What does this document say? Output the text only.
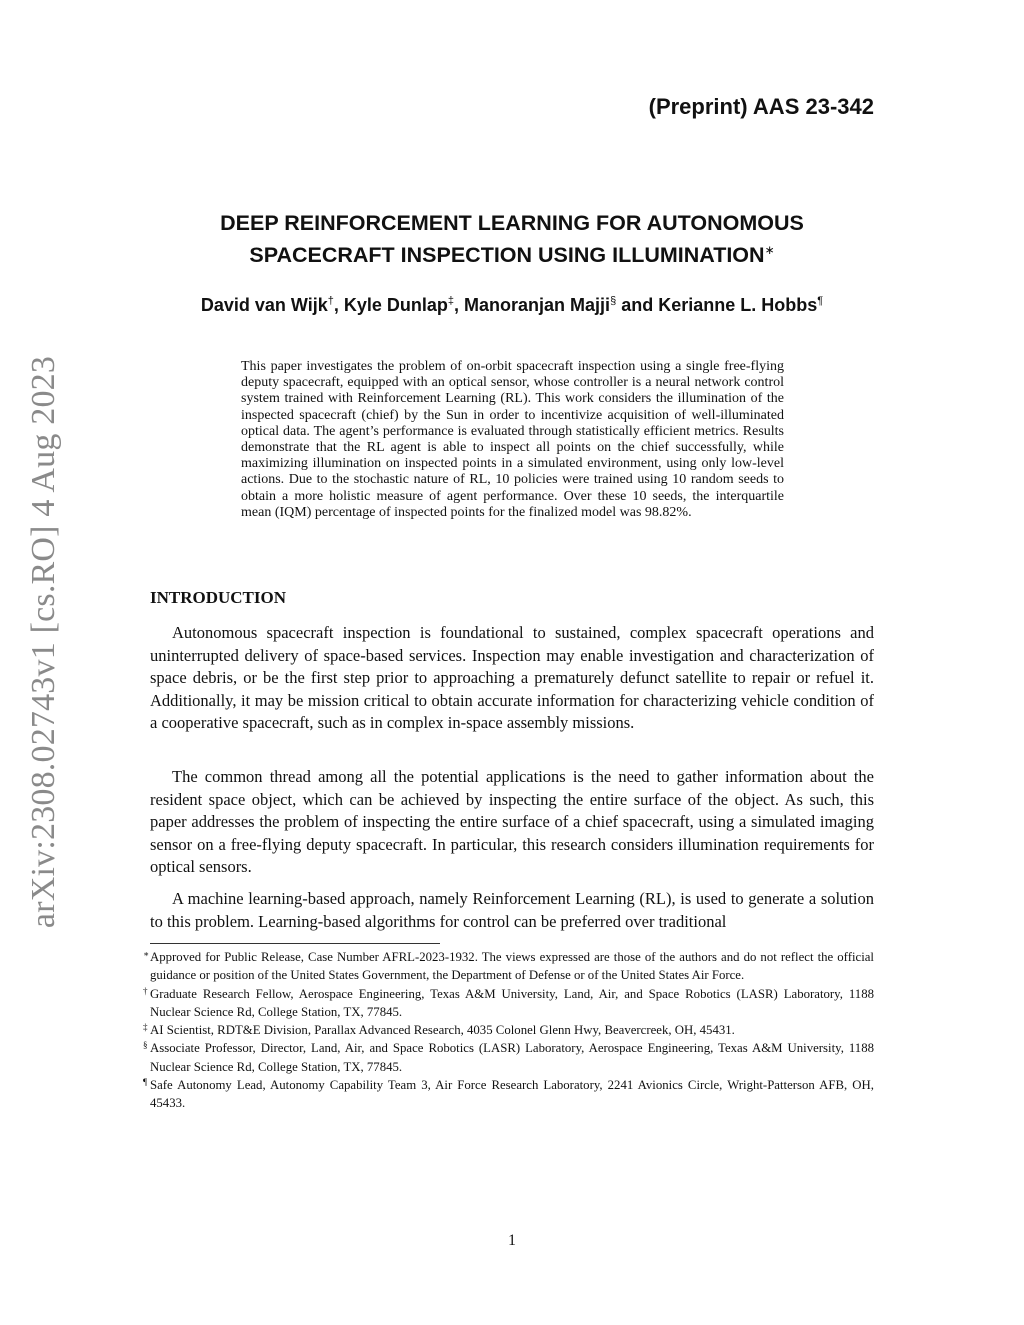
arXiv:2308.02743v1 [cs.RO] 4 Aug 2023
(Preprint) AAS 23-342
DEEP REINFORCEMENT LEARNING FOR AUTONOMOUS
SPACECRAFT INSPECTION USING ILLUMINATION∗
David van Wijk†, Kyle Dunlap‡, Manoranjan Majji§ and Kerianne L. Hobbs¶
This paper investigates the problem of on-orbit spacecraft inspection using a single free-flying deputy spacecraft, equipped with an optical sensor, whose controller is a neural network control system trained with Reinforcement Learning (RL). This work considers the illumination of the inspected spacecraft (chief) by the Sun in order to incentivize acquisition of well-illuminated optical data. The agent’s performance is evaluated through statistically efficient metrics. Results demonstrate that the RL agent is able to inspect all points on the chief successfully, while maximizing illumination on inspected points in a simulated environment, using only low-level actions. Due to the stochastic nature of RL, 10 policies were trained using 10 random seeds to obtain a more holistic measure of agent performance. Over these 10 seeds, the interquartile mean (IQM) percentage of inspected points for the finalized model was 98.82%.
INTRODUCTION

Autonomous spacecraft inspection is foundational to sustained, complex spacecraft operations and uninterrupted delivery of space-based services. Inspection may enable investigation and characterization of space debris, or be the first step prior to approaching a prematurely defunct satellite to repair or refuel it. Additionally, it may be mission critical to obtain accurate information for characterizing vehicle condition of a cooperative spacecraft, such as in complex in-space assembly missions.

The common thread among all the potential applications is the need to gather information about the resident space object, which can be achieved by inspecting the entire surface of the object. As such, this paper addresses the problem of inspecting the entire surface of a chief spacecraft, using a simulated imaging sensor on a free-flying deputy spacecraft. In particular, this research considers illumination requirements for optical sensors.

A machine learning-based approach, namely Reinforcement Learning (RL), is used to generate a solution to this problem. Learning-based algorithms for control can be preferred over traditional

∗ Approved for Public Release, Case Number AFRL-2023-1932. The views expressed are those of the authors and do not reflect the official guidance or position of the United States Government, the Department of Defense or of the United States Air Force.

† Graduate Research Fellow, Aerospace Engineering, Texas A&M University, Land, Air, and Space Robotics (LASR) Laboratory, 1188 Nuclear Science Rd, College Station, TX, 77845.

‡ AI Scientist, RDT&E Division, Parallax Advanced Research, 4035 Colonel Glenn Hwy, Beavercreek, OH, 45431.

§ Associate Professor, Director, Land, Air, and Space Robotics (LASR) Laboratory, Aerospace Engineering, Texas A&M University, 1188 Nuclear Science Rd, College Station, TX, 77845.

¶ Safe Autonomy Lead, Autonomy Capability Team 3, Air Force Research Laboratory, 2241 Avionics Circle, Wright-Patterson AFB, OH, 45433.

1
